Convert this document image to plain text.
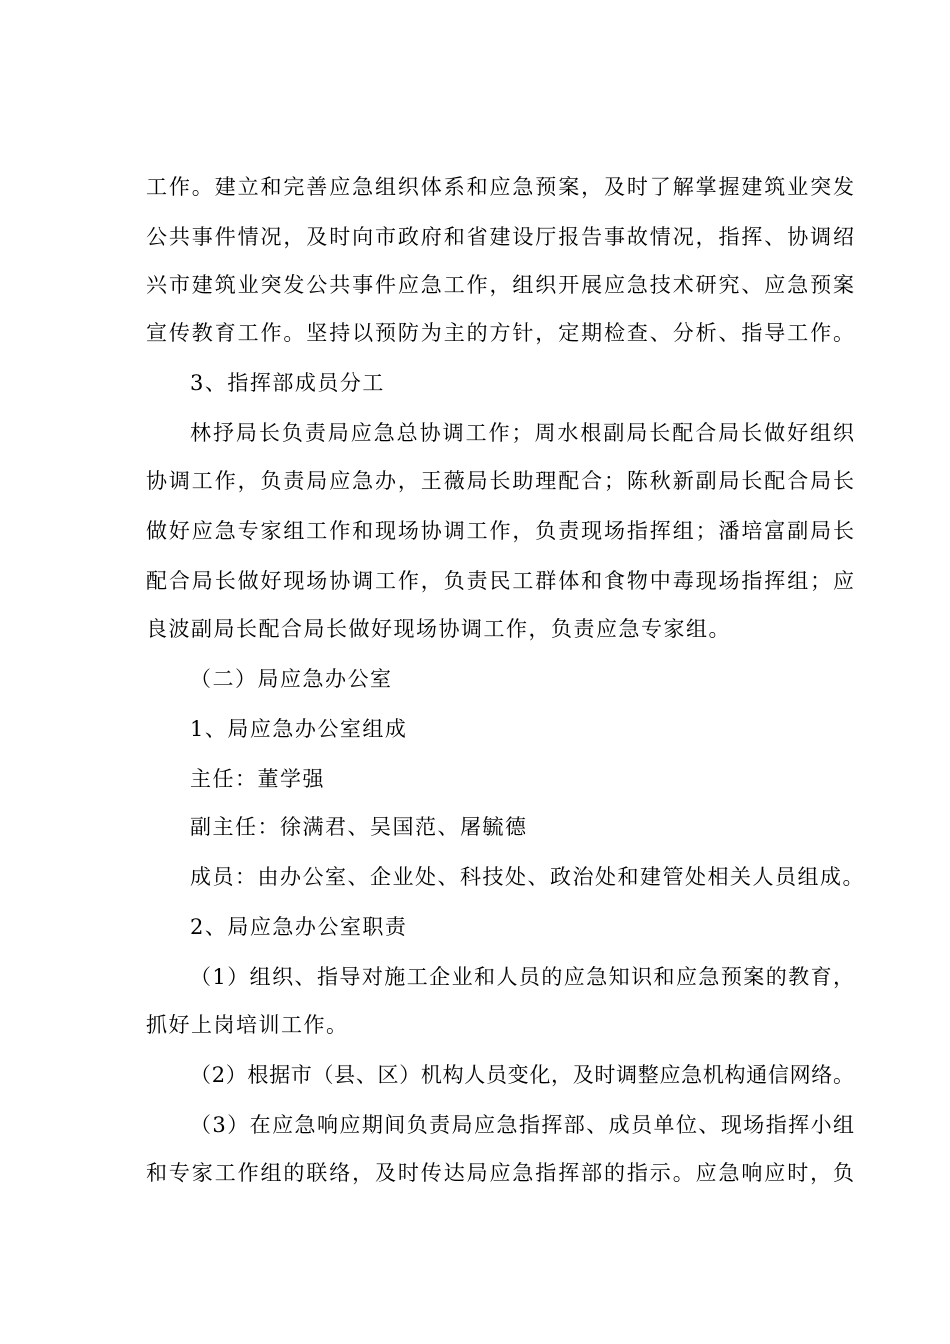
工作。建立和完善应急组织体系和应急预案，及时了解掌握建筑业突发
公共事件情况，及时向市政府和省建设厅报告事故情况，指挥、协调绍
兴市建筑业突发公共事件应急工作，组织开展应急技术研究、应急预案
宣传教育工作。坚持以预防为主的方针，定期检查、分析、指导工作。
3、指挥部成员分工
林抒局长负责局应急总协调工作；周水根副局长配合局长做好组织
协调工作，负责局应急办，王薇局长助理配合；陈秋新副局长配合局长
做好应急专家组工作和现场协调工作，负责现场指挥组；潘培富副局长
配合局长做好现场协调工作，负责民工群体和食物中毒现场指挥组；应
良波副局长配合局长做好现场协调工作，负责应急专家组。
（二）局应急办公室
1、局应急办公室组成
主任：董学强
副主任：徐满君、吴国范、屠毓德
成员：由办公室、企业处、科技处、政治处和建管处相关人员组成。
2、局应急办公室职责
（1）组织、指导对施工企业和人员的应急知识和应急预案的教育，
抓好上岗培训工作。
（2）根据市（县、区）机构人员变化，及时调整应急机构通信网络。
（3）在应急响应期间负责局应急指挥部、成员单位、现场指挥小组
和专家工作组的联络，及时传达局应急指挥部的指示。应急响应时，负
